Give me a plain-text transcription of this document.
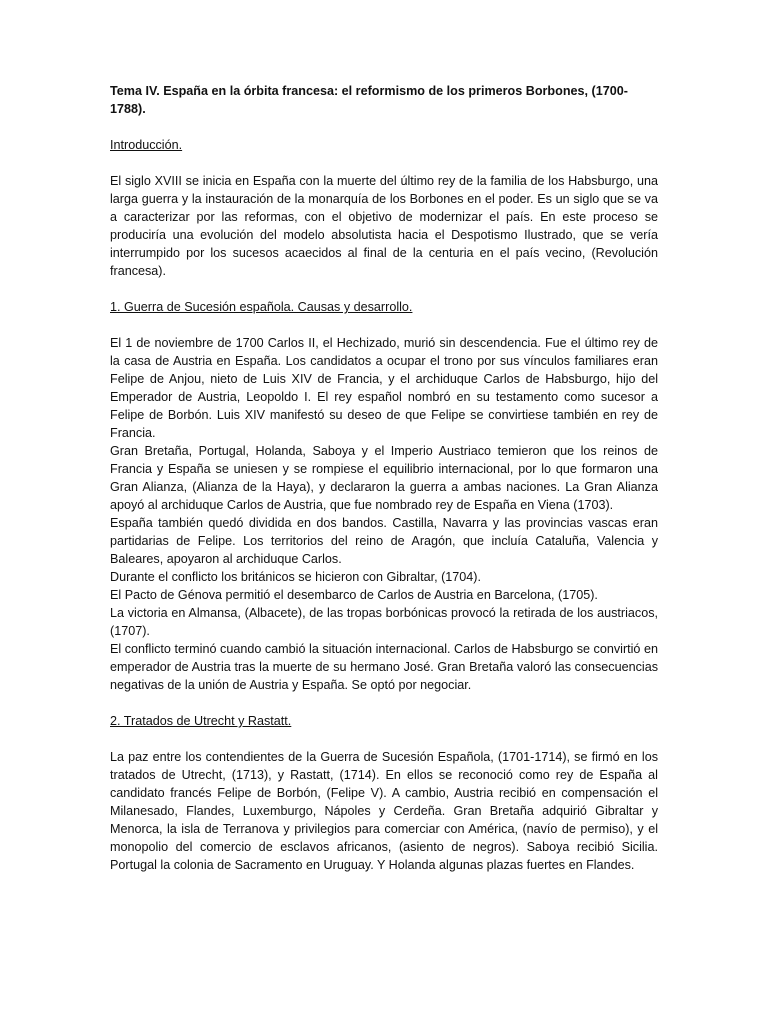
Tema IV. España en la órbita francesa: el reformismo de los primeros Borbones, (1700-1788).

Introducción.

El siglo XVIII se inicia en España con la muerte del último rey de la familia de los Habsburgo, una larga guerra y la instauración de la monarquía de los Borbones en el poder. Es un siglo que se va a caracterizar por las reformas, con el objetivo de modernizar el país. En este proceso se produciría una evolución del modelo absolutista hacia el Despotismo Ilustrado, que se vería interrumpido por los sucesos acaecidos al final de la centuria en el país vecino, (Revolución francesa).

1. Guerra de Sucesión española. Causas y desarrollo.

El 1 de noviembre de 1700 Carlos II, el Hechizado, murió sin descendencia. Fue el último rey de la casa de Austria en España. Los candidatos a ocupar el trono por sus vínculos familiares eran Felipe de Anjou, nieto de Luis XIV de Francia, y el archiduque Carlos de Habsburgo, hijo del Emperador de Austria, Leopoldo I. El rey español nombró en su testamento como sucesor a Felipe de Borbón. Luis XIV manifestó su deseo de que Felipe se convirtiese también en rey de Francia.

Gran Bretaña, Portugal, Holanda, Saboya y el Imperio Austriaco temieron que los reinos de Francia y España se uniesen y se rompiese el equilibrio internacional, por lo que formaron una Gran Alianza, (Alianza de la Haya), y declararon la guerra a ambas naciones. La Gran Alianza apoyó al archiduque Carlos de Austria, que fue nombrado rey de España en Viena (1703).

España también quedó dividida en dos bandos. Castilla, Navarra y las provincias vascas eran partidarias de Felipe. Los territorios del reino de Aragón, que incluía Cataluña, Valencia y Baleares, apoyaron al archiduque Carlos.

Durante el conflicto los británicos se hicieron con Gibraltar, (1704).

El Pacto de Génova permitió el desembarco de Carlos de Austria en Barcelona, (1705).

La victoria en Almansa, (Albacete), de las tropas borbónicas provocó la retirada de los austriacos, (1707).

El conflicto terminó cuando cambió la situación internacional. Carlos de Habsburgo se convirtió en emperador de Austria tras la muerte de su hermano José. Gran Bretaña valoró las consecuencias negativas de la unión de Austria y España. Se optó por negociar.

2. Tratados de Utrecht y Rastatt.

La paz entre los contendientes de la Guerra de Sucesión Española, (1701-1714), se firmó en los tratados de Utrecht, (1713), y Rastatt, (1714). En ellos se reconoció como rey de España al candidato francés Felipe de Borbón, (Felipe V). A cambio, Austria recibió en compensación el Milanesado, Flandes, Luxemburgo, Nápoles y Cerdeña. Gran Bretaña adquirió Gibraltar y Menorca, la isla de Terranova y privilegios para comerciar con América, (navío de permiso), y el monopolio del comercio de esclavos africanos, (asiento de negros). Saboya recibió Sicilia. Portugal la colonia de Sacramento en Uruguay. Y Holanda algunas plazas fuertes en Flandes.
